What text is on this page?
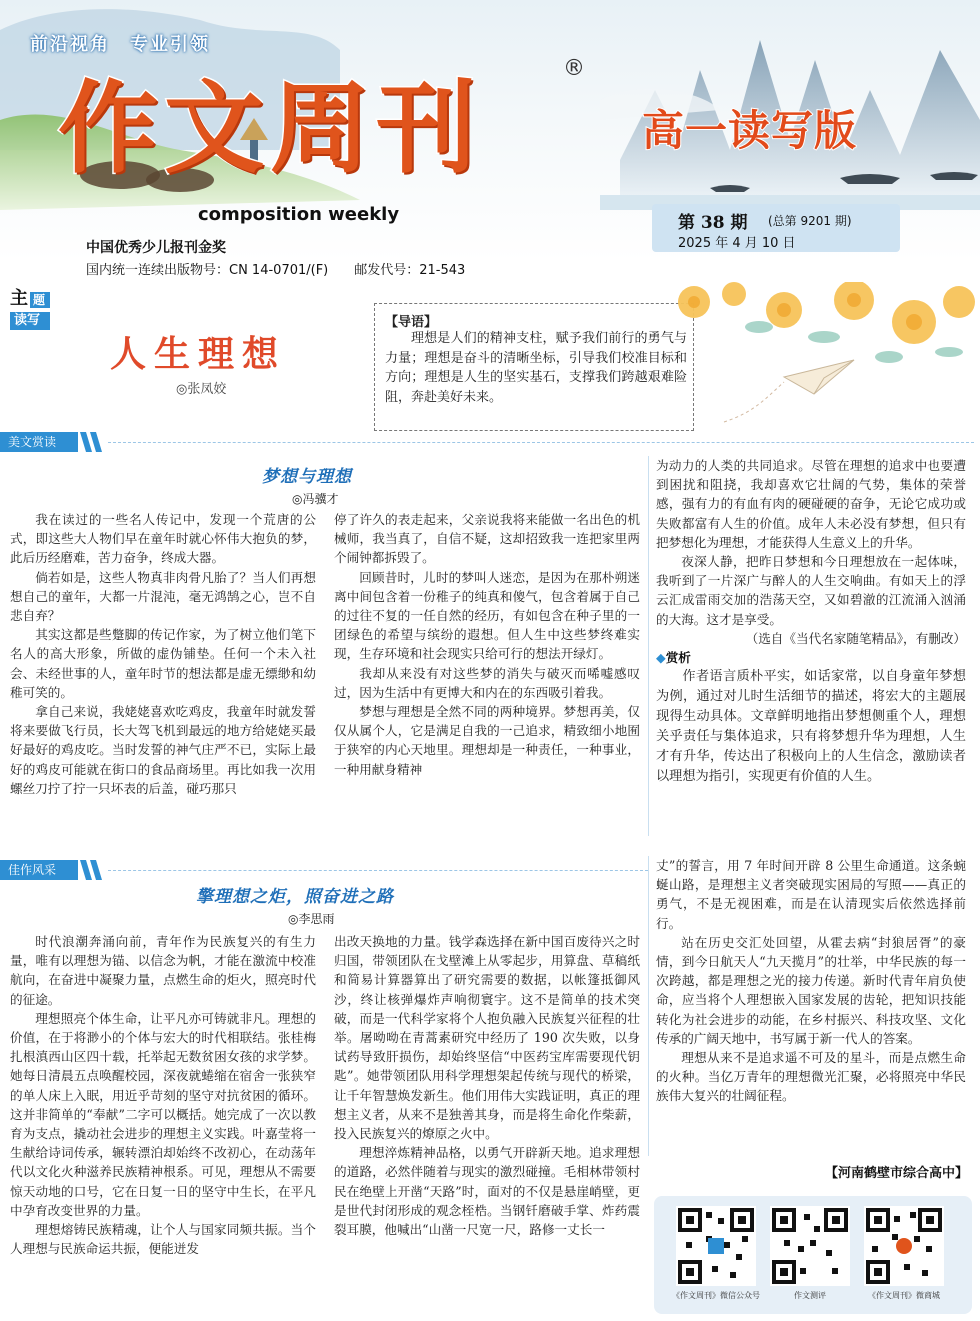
前沿视角　专业引领
作文周刊
®
高一读写版
composition weekly
中国优秀少儿报刊金奖
国内统一连续出版物号：CN 14-0701/(F)　　邮发代号：21-543
第 38 期 (总第 9201 期)
2025 年 4 月 10 日
主 题
读写
人生理想
◎张凤姣
【导语】
理想是人们的精神支柱，赋予我们前行的勇气与力量；理想是奋斗的清晰坐标，引导我们校准目标和方向；理想是人生的坚实基石，支撑我们跨越艰难险阻，奔赴美好未来。
美文赏读
梦想与理想
◎冯骥才

我在读过的一些名人传记中，发现一个荒唐的公式，即这些大人物们早在童年时就心怀伟大抱负的梦，此后历经磨难，苦力奋争，终成大器。

倘若如是，这些人物真非肉骨凡胎了？当人们再想想自己的童年，大都一片混沌，毫无鸿鹄之心，岂不自悲自弃？

其实这都是些蹩脚的传记作家，为了树立他们笔下名人的高大形象，所做的虚伪铺垫。任何一个未入社会、未经世事的人，童年时节的想法都是虚无缥缈和幼稚可笑的。

拿自己来说，我姥姥喜欢吃鸡皮，我童年时就发誓将来要做飞行员，长大驾飞机到最远的地方给姥姥买最好最好的鸡皮吃。当时发誓的神气庄严不已，实际上最好的鸡皮可能就在街口的食品商场里。再比如我一次用螺丝刀拧了拧一只坏表的后盖，碰巧那只

停了许久的表走起来，父亲说我将来能做一名出色的机械师，我当真了，自信不疑，这却招致我一连把家里两个闹钟都拆毁了。

回顾昔时，儿时的梦叫人迷恋，是因为在那朴朔迷离中间包含着一份稚子的纯真和傻气，包含着属于自己的过往不复的一任自然的经历，有如包含在种子里的一团绿色的希望与缤纷的遐想。但人生中这些梦终难实现，生存环境和社会现实只给可行的想法开绿灯。

我却从来没有对这些梦的消失与破灭而唏嘘感叹过，因为生活中有更博大和内在的东西吸引着我。

梦想与理想是全然不同的两种境界。梦想再美，仅仅从属个人，它是满足自我的一己追求，精致细小地囿于狭窄的内心天地里。理想却是一种责任，一种事业，一种用献身精神

为动力的人类的共同追求。尽管在理想的追求中也要遭到困扰和阻挠，我却喜欢它壮阔的气势，集体的荣誉感，强有力的有血有肉的硬碰硬的奋争，无论它成功或失败都富有人生的价值。成年人未必没有梦想，但只有把梦想化为理想，才能获得人生意义上的升华。

夜深人静，把昨日梦想和今日理想放在一起体味，我听到了一片深广与醉人的人生交响曲。有如天上的浮云汇成雷雨交加的浩荡天空，又如碧澈的江流涌入汹涌的大海。这才是享受。

（选自《当代名家随笔精品》，有删改）

◆赏析

作者语言质朴平实，如话家常，以自身童年梦想为例，通过对儿时生活细节的描述，将宏大的主题展现得生动具体。文章鲜明地指出梦想侧重个人，理想关乎责任与集体追求，只有将梦想升华为理想，人生才有升华，传达出了积极向上的人生信念，激励读者以理想为指引，实现更有价值的人生。

佳作风采
擎理想之炬，照奋进之路
◎李思雨

时代浪潮奔涌向前，青年作为民族复兴的有生力量，唯有以理想为锚、以信念为帆，才能在激流中校准航向，在奋进中凝聚力量，点燃生命的炬火，照亮时代的征途。

理想照亮个体生命，让平凡亦可铸就非凡。理想的价值，在于将渺小的个体与宏大的时代相联结。张桂梅扎根滇西山区四十载，托举起无数贫困女孩的求学梦。她每日清晨五点唤醒校园，深夜就蜷缩在宿舍一张狭窄的单人床上入眠，用近乎苛刻的坚守对抗贫困的循环。这并非简单的“奉献”二字可以概括。她完成了一次以教育为支点，撬动社会进步的理想主义实践。叶嘉莹将一生献给诗词传承，辗转漂泊却始终不改初心，在动荡年代以文化火种滋养民族精神根系。可见，理想从不需要惊天动地的口号，它在日复一日的坚守中生长，在平凡中孕育改变世界的力量。

理想熔铸民族精魂，让个人与国家同频共振。当个人理想与民族命运共振，便能迸发

出改天换地的力量。钱学森选择在新中国百废待兴之时归国，带领团队在戈壁滩上从零起步，用算盘、草稿纸和简易计算器算出了研究需要的数据，以帐篷抵御风沙，终让核弹爆炸声响彻寰宇。这不是简单的技术突破，而是一代科学家将个人抱负融入民族复兴征程的壮举。屠呦呦在青蒿素研究中经历了 190 次失败，以身试药导致肝损伤，却始终坚信“中医药宝库需要现代钥匙”。她带领团队用科学理想架起传统与现代的桥梁，让千年智慧焕发新生。他们用伟大实践证明，真正的理想主义者，从来不是独善其身，而是将生命化作柴薪，投入民族复兴的燎原之火中。

理想淬炼精神品格，以勇气开辟新天地。追求理想的道路，必然伴随着与现实的激烈碰撞。毛相林带领村民在绝壁上开凿“天路”时，面对的不仅是悬崖峭壁，更是世代封闭形成的观念桎梏。当钢钎磨破手掌、炸药震裂耳膜，他喊出“山凿一尺宽一尺，路修一丈长一

丈”的誓言，用 7 年时间开辟 8 公里生命通道。这条蜿蜒山路，是理想主义者突破现实困局的写照——真正的勇气，不是无视困难，而是在认清现实后依然选择前行。

站在历史交汇处回望，从霍去病“封狼居胥”的豪情，到今日航天人“九天揽月”的壮举，中华民族的每一次跨越，都是理想之光的接力传递。新时代青年肩负使命，应当将个人理想嵌入国家发展的齿轮，把知识技能转化为社会进步的动能，在乡村振兴、科技攻坚、文化传承的广阔天地中，书写属于新一代人的答案。

理想从来不是追求遥不可及的星斗，而是点燃生命的火种。当亿万青年的理想微光汇聚，必将照亮中华民族伟大复兴的壮阔征程。

【河南鹤壁市综合高中】
《作文周刊》微信公众号	作文测评	《作文周刊》微商城
